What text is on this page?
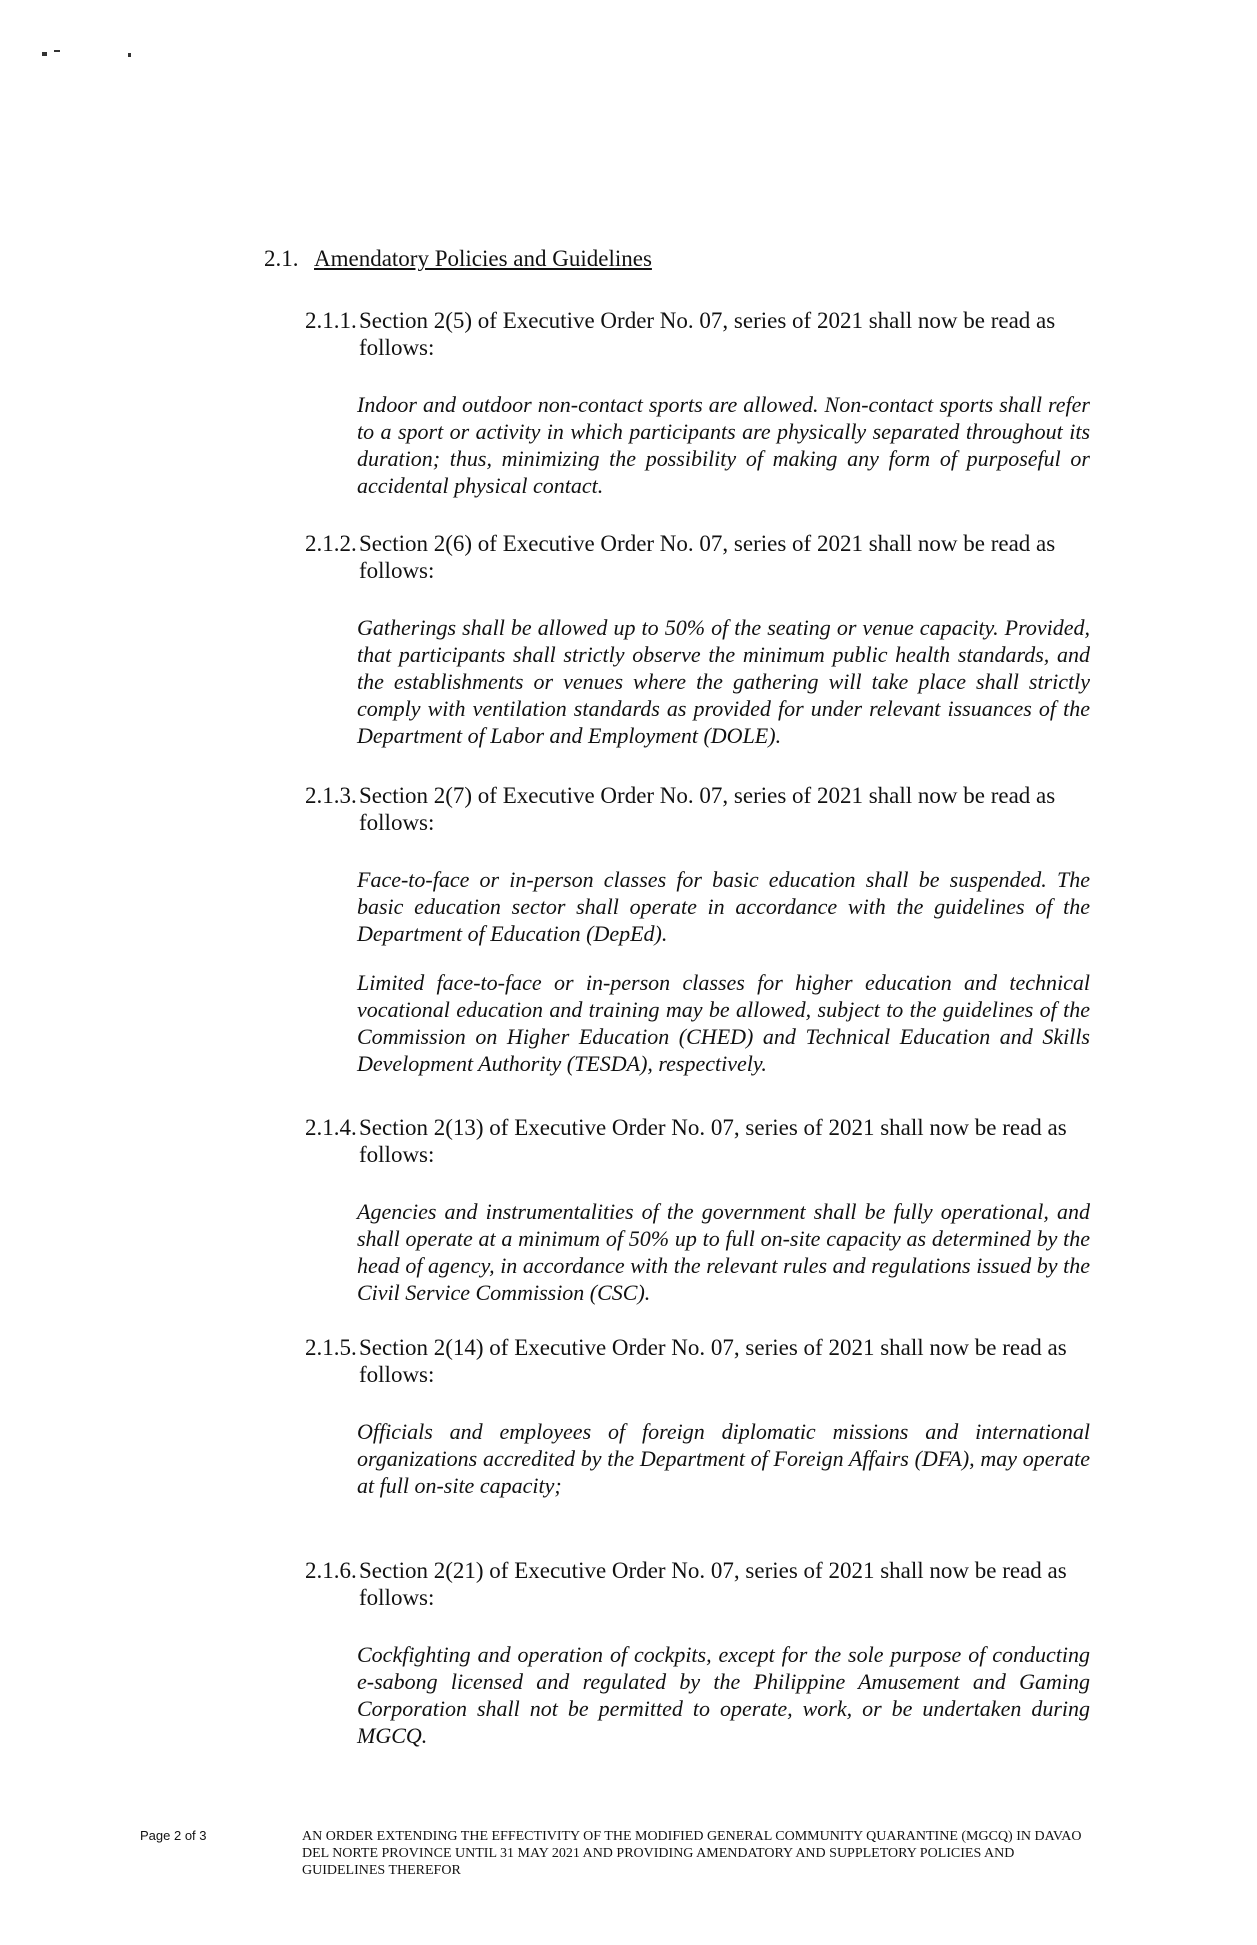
2.1. Amendatory Policies and Guidelines
2.1.1. Section 2(5) of Executive Order No. 07, series of 2021 shall now be read as follows:

Indoor and outdoor non-contact sports are allowed. Non-contact sports shall refer to a sport or activity in which participants are physically separated throughout its duration; thus, minimizing the possibility of making any form of purposeful or accidental physical contact.

2.1.2. Section 2(6) of Executive Order No. 07, series of 2021 shall now be read as follows:

Gatherings shall be allowed up to 50% of the seating or venue capacity. Provided, that participants shall strictly observe the minimum public health standards, and the establishments or venues where the gathering will take place shall strictly comply with ventilation standards as provided for under relevant issuances of the Department of Labor and Employment (DOLE).

2.1.3. Section 2(7) of Executive Order No. 07, series of 2021 shall now be read as follows:

Face-to-face or in-person classes for basic education shall be suspended. The basic education sector shall operate in accordance with the guidelines of the Department of Education (DepEd).

Limited face-to-face or in-person classes for higher education and technical vocational education and training may be allowed, subject to the guidelines of the Commission on Higher Education (CHED) and Technical Education and Skills Development Authority (TESDA), respectively.

2.1.4. Section 2(13) of Executive Order No. 07, series of 2021 shall now be read as follows:

Agencies and instrumentalities of the government shall be fully operational, and shall operate at a minimum of 50% up to full on-site capacity as determined by the head of agency, in accordance with the relevant rules and regulations issued by the Civil Service Commission (CSC).

2.1.5. Section 2(14) of Executive Order No. 07, series of 2021 shall now be read as follows:

Officials and employees of foreign diplomatic missions and international organizations accredited by the Department of Foreign Affairs (DFA), may operate at full on-site capacity;

2.1.6. Section 2(21) of Executive Order No. 07, series of 2021 shall now be read as follows:

Cockfighting and operation of cockpits, except for the sole purpose of conducting e-sabong licensed and regulated by the Philippine Amusement and Gaming Corporation shall not be permitted to operate, work, or be undertaken during MGCQ.

Page 2 of 3	AN ORDER EXTENDING THE EFFECTIVITY OF THE MODIFIED GENERAL COMMUNITY QUARANTINE (MGCQ) IN DAVAO DEL NORTE PROVINCE UNTIL 31 MAY 2021 AND PROVIDING AMENDATORY AND SUPPLETORY POLICIES AND GUIDELINES THEREFOR
